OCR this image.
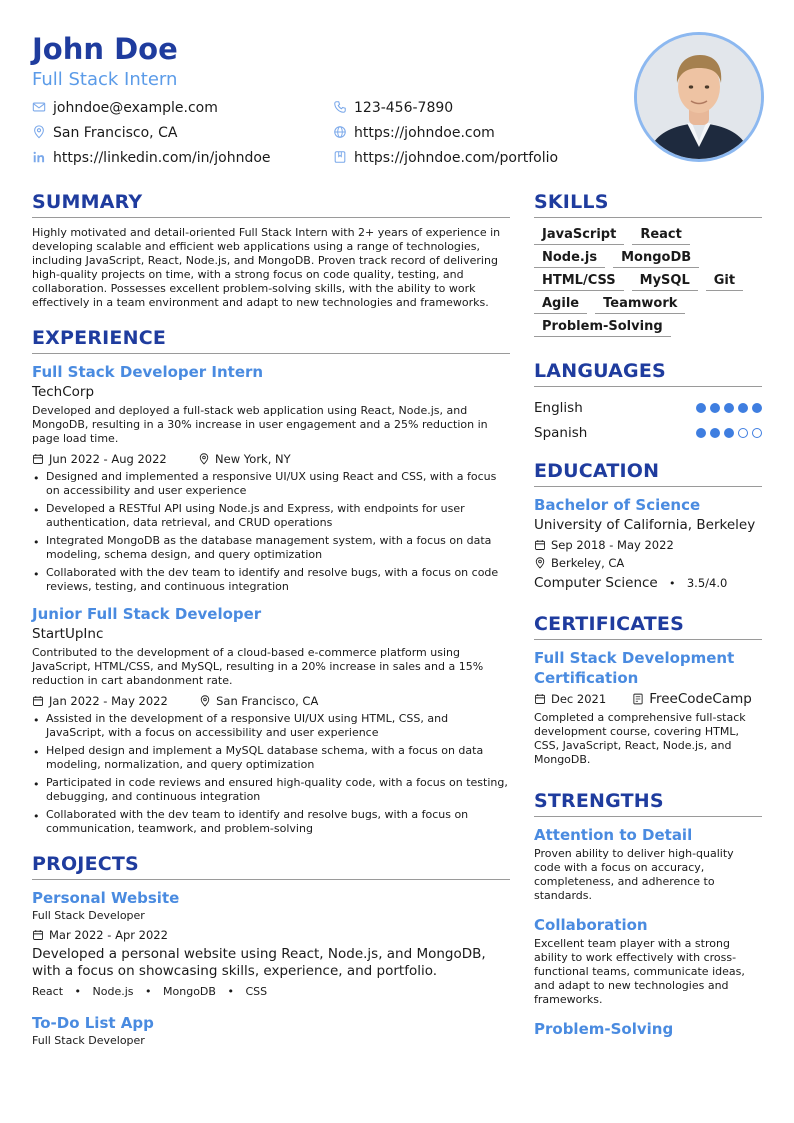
John Doe
Full Stack Intern
johndoe@example.com	123-456-7890
San Francisco, CA	https://johndoe.com
https://linkedin.com/in/johndoe	https://johndoe.com/portfolio
SUMMARY

Highly motivated and detail-oriented Full Stack Intern with 2+ years of experience in developing scalable and efficient web applications using a range of technologies, including JavaScript, React, Node.js, and MongoDB. Proven track record of delivering high-quality projects on time, with a strong focus on code quality, testing, and collaboration. Possesses excellent problem-solving skills, with the ability to work effectively in a team environment and adapt to new technologies and frameworks.

EXPERIENCE
Full Stack Developer Intern
TechCorp

Developed and deployed a full-stack web application using React, Node.js, and MongoDB, resulting in a 30% increase in user engagement and a 25% reduction in page load time.

Jun 2022 - Aug 2022	New York, NY
• Designed and implemented a responsive UI/UX using React and CSS, with a focus on accessibility and user experience
• Developed a RESTful API using Node.js and Express, with endpoints for user authentication, data retrieval, and CRUD operations
• Integrated MongoDB as the database management system, with a focus on data modeling, schema design, and query optimization
• Collaborated with the dev team to identify and resolve bugs, with a focus on code reviews, testing, and continuous integration
Junior Full Stack Developer
StartUpInc

Contributed to the development of a cloud-based e-commerce platform using JavaScript, HTML/CSS, and MySQL, resulting in a 20% increase in sales and a 15% reduction in cart abandonment rate.

Jan 2022 - May 2022	San Francisco, CA
• Assisted in the development of a responsive UI/UX using HTML, CSS, and JavaScript, with a focus on accessibility and user experience
• Helped design and implement a MySQL database schema, with a focus on data modeling, normalization, and query optimization
• Participated in code reviews and ensured high-quality code, with a focus on testing, debugging, and continuous integration
• Collaborated with the dev team to identify and resolve bugs, with a focus on communication, teamwork, and problem-solving
PROJECTS
Personal Website
Full Stack Developer
Mar 2022 - Apr 2022

Developed a personal website using React, Node.js, and MongoDB, with a focus on showcasing skills, experience, and portfolio.

React • Node.js • MongoDB • CSS
To-Do List App
Full Stack Developer
SKILLS
JavaScript	React
Node.js	MongoDB
HTML/CSS	MySQL	Git
Agile	Teamwork
Problem-Solving
LANGUAGES
English
Spanish
EDUCATION
Bachelor of Science
University of California, Berkeley
Sep 2018 - May 2022
Berkeley, CA
Computer Science • 3.5/4.0
CERTIFICATES
Full Stack Development Certification
Dec 2021	FreeCodeCamp

Completed a comprehensive full-stack development course, covering HTML, CSS, JavaScript, React, Node.js, and MongoDB.

STRENGTHS
Attention to Detail

Proven ability to deliver high-quality code with a focus on accuracy, completeness, and adherence to standards.

Collaboration

Excellent team player with a strong ability to work effectively with cross-functional teams, communicate ideas, and adapt to new technologies and frameworks.

Problem-Solving
